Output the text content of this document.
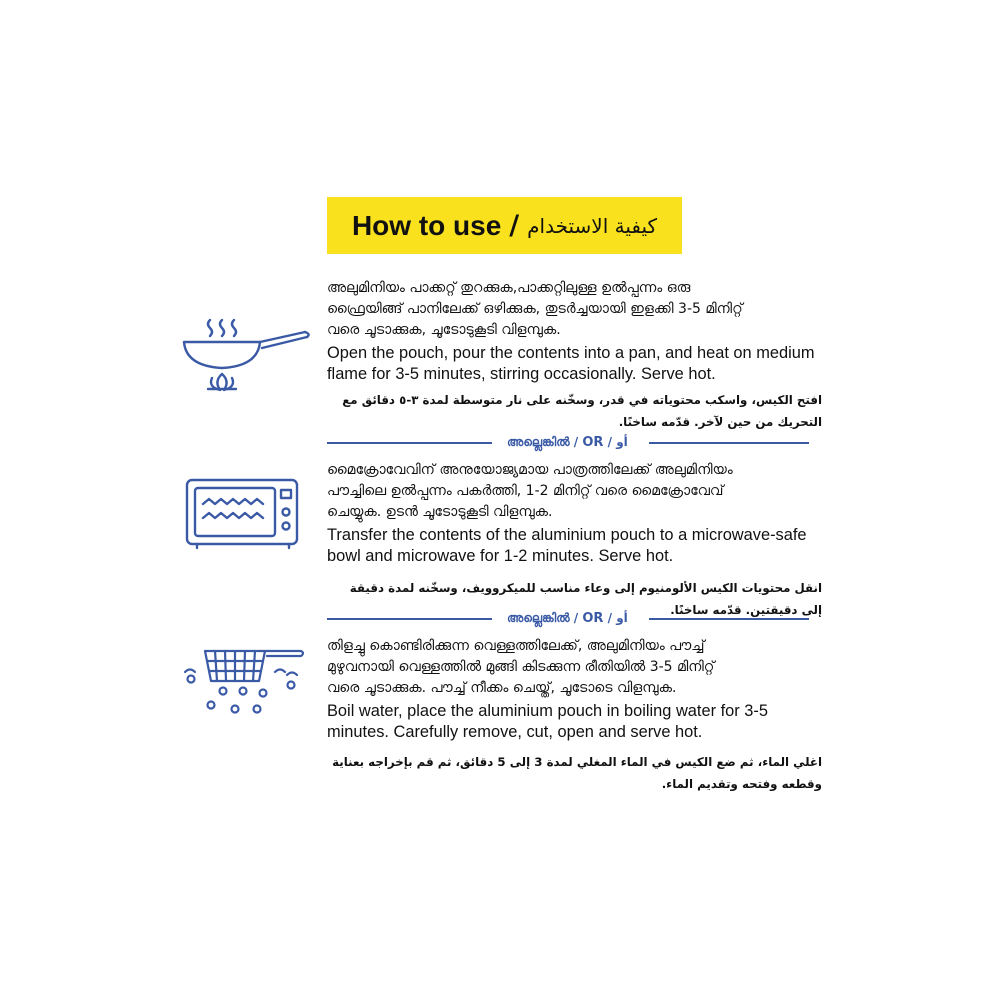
How to use / كيفية الاستخدام
അലുമിനിയം പാക്കറ്റ് തുറക്കുക,പാക്കറ്റിലുള്ള ഉൽപ്പന്നം ഒരു
ഫ്രൈയിങ്ങ് പാനിലേക്ക് ഒഴിക്കുക, തുടർച്ചയായി ഇളക്കി 3-5 മിനിറ്റ്
വരെ ചൂടാക്കുക, ചൂടോടുകൂടി വിളമ്പുക.
Open the pouch, pour the contents into a pan, and heat on medium flame for 3-5 minutes, stirring occasionally. Serve hot.
افتح الكيس، واسكب محتوياته في قدر، وسخّنه على نار متوسطة لمدة ٣-٥ دقائق مع التحريك من حين لآخر. قدّمه ساخنًا.
അല്ലെങ്കിൽ / OR / أو
മൈക്രോവേവിന് അനുയോജ്യമായ പാത്രത്തിലേക്ക് അലുമിനിയം
പൗച്ചിലെ ഉൽപ്പന്നം പകർത്തി, 1-2 മിനിറ്റ് വരെ മൈക്രോവേവ്
ചെയ്യുക. ഉടൻ ചൂടോടുകൂടി വിളമ്പുക.
Transfer the contents of the aluminium pouch to a microwave-safe bowl and microwave for 1-2 minutes. Serve hot.
انقل محتويات الكيس الألومنيوم إلى وعاء مناسب للميكروويف، وسخّنه لمدة دقيقة إلى دقيقتين. قدّمه ساخنًا.
അല്ലെങ്കിൽ / OR / أو
തിളച്ചു കൊണ്ടിരിക്കുന്ന വെള്ളത്തിലേക്ക്, അലുമിനിയം പൗച്ച്
മുഴുവനായി വെള്ളത്തിൽ മുങ്ങി കിടക്കുന്ന രീതിയിൽ 3-5 മിനിറ്റ്
വരെ ചൂടാക്കുക. പൗച്ച് നീക്കം ചെയ്ത്, ചൂടോടെ വിളമ്പുക.
Boil water, place the aluminium pouch in boiling water for 3-5 minutes. Carefully remove, cut, open and serve hot.
اغلي الماء، ثم ضع الكيس في الماء المغلي لمدة 3 إلى 5 دقائق، ثم قم بإخراجه بعناية وقطعه وفتحه وتقديم الماء.
